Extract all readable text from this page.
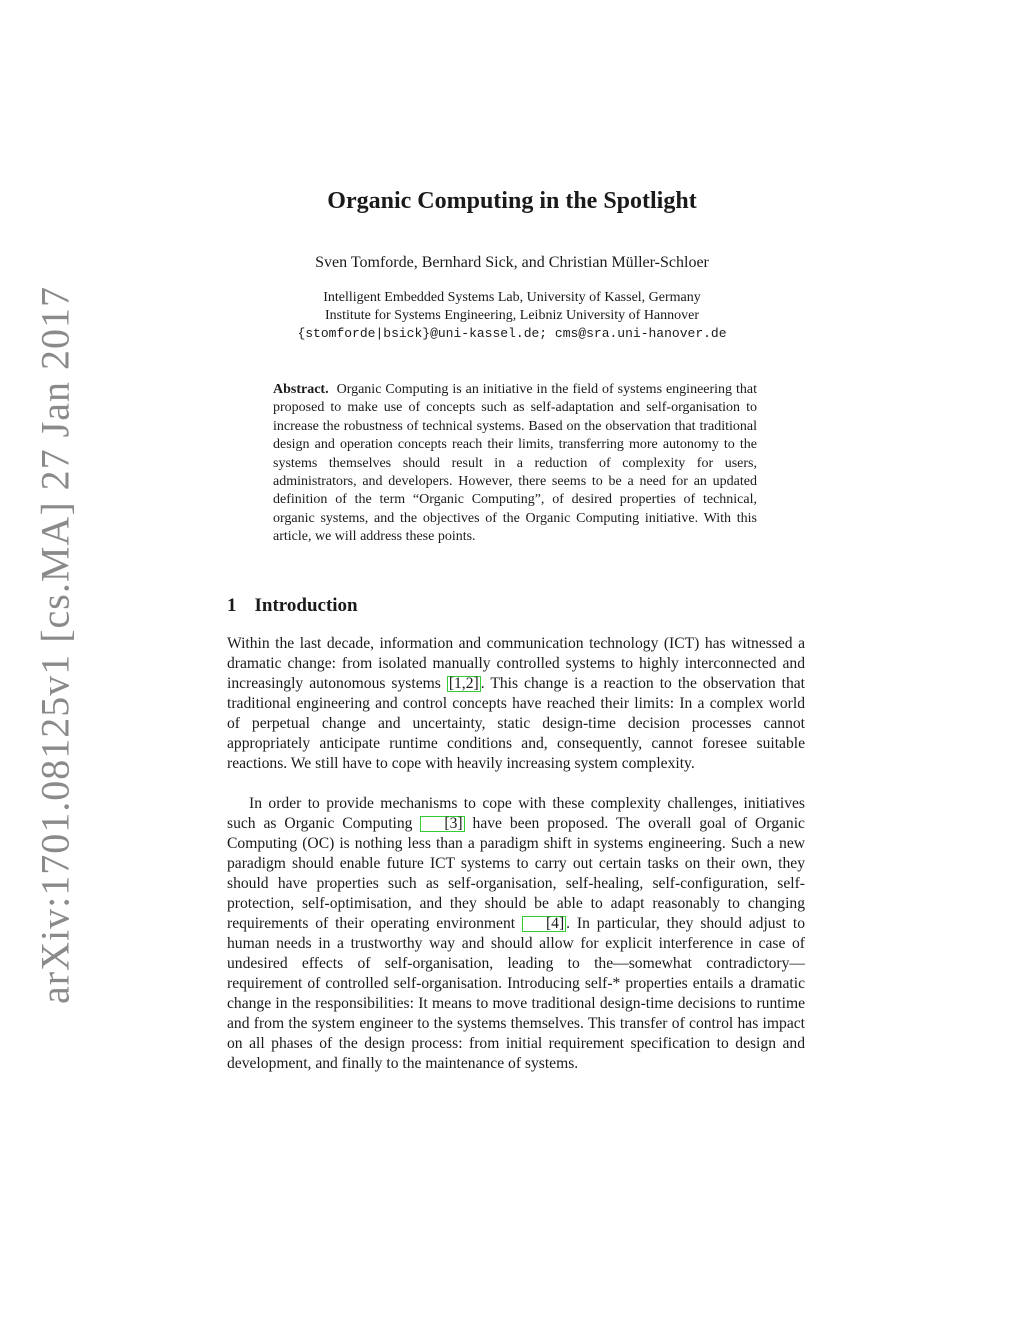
arXiv:1701.08125v1 [cs.MA] 27 Jan 2017
Organic Computing in the Spotlight
Sven Tomforde, Bernhard Sick, and Christian Müller-Schloer
Intelligent Embedded Systems Lab, University of Kassel, Germany
Institute for Systems Engineering, Leibniz University of Hannover
{stomforde|bsick}@uni-kassel.de; cms@sra.uni-hanover.de
Abstract. Organic Computing is an initiative in the field of systems engineering that proposed to make use of concepts such as self-adaptation and self-organisation to increase the robustness of technical systems. Based on the observation that traditional design and operation concepts reach their limits, transferring more autonomy to the systems themselves should result in a reduction of complexity for users, administrators, and developers. However, there seems to be a need for an updated definition of the term “Organic Computing”, of desired properties of technical, organic systems, and the objectives of the Organic Computing initiative. With this article, we will address these points.
1 Introduction

Within the last decade, information and communication technology (ICT) has witnessed a dramatic change: from isolated manually controlled systems to highly interconnected and increasingly autonomous systems [1,2] . This change is a reaction to the observation that traditional engineering and control concepts have reached their limits: In a complex world of perpetual change and uncertainty, static design-time decision processes cannot appropriately anticipate runtime conditions and, consequently, cannot foresee suitable reactions. We still have to cope with heavily increasing system complexity.

In order to provide mechanisms to cope with these complexity challenges, initiatives such as Organic Computing [3] have been proposed. The overall goal of Organic Computing (OC) is nothing less than a paradigm shift in systems engineering. Such a new paradigm should enable future ICT systems to carry out certain tasks on their own, they should have properties such as self-organisation, self-healing, self-configuration, self-protection, self-optimisation, and they should be able to adapt reasonably to changing requirements of their operating environment [4] . In particular, they should adjust to human needs in a trustworthy way and should allow for explicit interference in case of undesired effects of self-organisation, leading to the—somewhat contradictory—requirement of controlled self-organisation. Introducing self-* properties entails a dramatic change in the responsibilities: It means to move traditional design-time decisions to runtime and from the system engineer to the systems themselves. This transfer of control has impact on all phases of the design process: from initial requirement specification to design and development, and finally to the maintenance of systems.
